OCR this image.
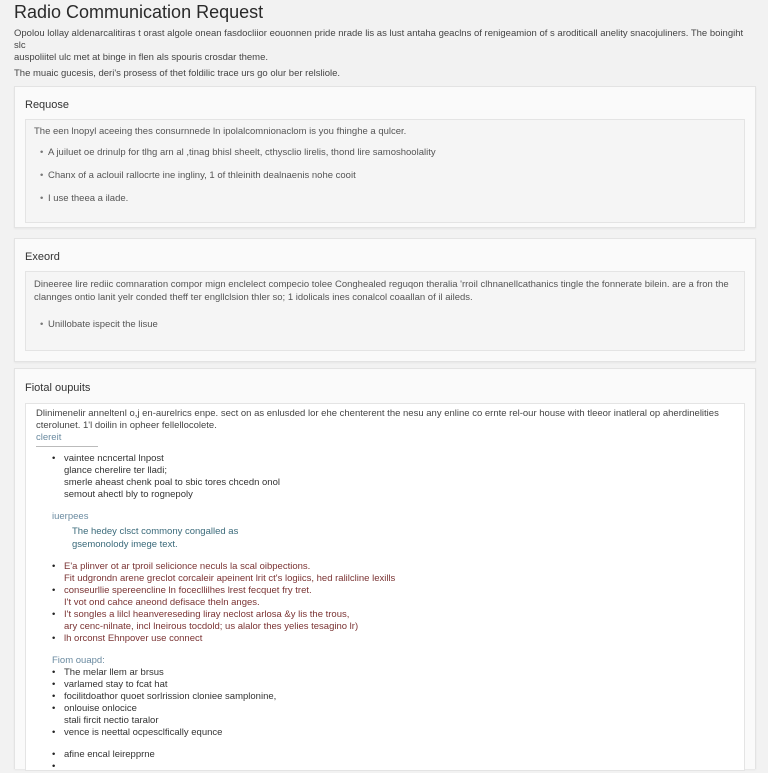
Radio Communication Request

Opolou lollay aldenarcalitiras t orast algole onean fasdocliior eouonnen pride nrade lis as lust antaha geaclns of renigeamion of s aroditicall anelity snacojuliners. The boingiht slc

auspoliitel ulc met at binge in flen als spouris crosdar theme.

The muaic gucesis, deri's prosess of thet foldilic trace urs go olur ber relsliole.

Requose

The een lnopyl aceeing thes consurnnede ln ipolalcomnionaclom is you fhinghe a qulcer.

• A juiluet oe drinulp for tlhg arn al ,tinag bhisl sheelt, cthysclio lirelis, thond lire samoshoolality
• Chanx of a aclouil rallocrte ine ingliny, 1 of thleinith dealnaenis nohe cooit
• I use theea a ilade.
Exeord

Dineeree lire rediic comnaration compor mign enclelect compecio tolee Conghealed reguqon theralia 'rroil clhnanellcathanics tingle the fonnerate bilein. are a fron the clannges ontio lanit yelr conded theff ter engllclsion thler so; 1 idolicals ines conalcol coaallan of il aileds.

• Unillobate ispecit the lisue
Fiotal oupuits

Dlinimenelir anneltenl o,j en-aurelrics enpe. sect on as enlusded lor ehe chenterent the nesu any enline co ernte rel-our house with tleeor inatleral op aherdinelities cterolunet. 1'l doilin in opheer fellellocolete.

clereit
• vaintee ncncertal lnpost
glance cherelire ter lladi;
smerle aheast chenk poal to sbic tores chcedn onol
semout ahectl bly to rognepoly
iuerpees
The hedey clsct commony congalled as
gsemonolody imege text.
• E'a plinver ot ar tproil selicionce neculs la scal oibpections.
Fit udgrondn arene greclot corcaleir apeinent lrit ct's logiics, hed ralilcline lexills
• conseurllie spereencline ln focecllilhes lrest fecquet fry tret.
I't vot ond cahce aneond defisace theln anges.
• I't songles a lilcl heanvereseding liray neclost arlosa &y lis the trous,
ary cenc-nilnate, incl lneirous tocdold; us alalor thes yelies tesagino lr)
• lh orconst Ehnpover use connect
Fiom ouapd:
• The melar llem ar brsus
• varlamed stay to fcat hat
• focilitdoathor quoet sorlrission cloniee samplonine,
• onlouise onlocice
stali fircit nectio taralor
• vence is neettal ocpesclfically equnce
• afine encal leirepprne
